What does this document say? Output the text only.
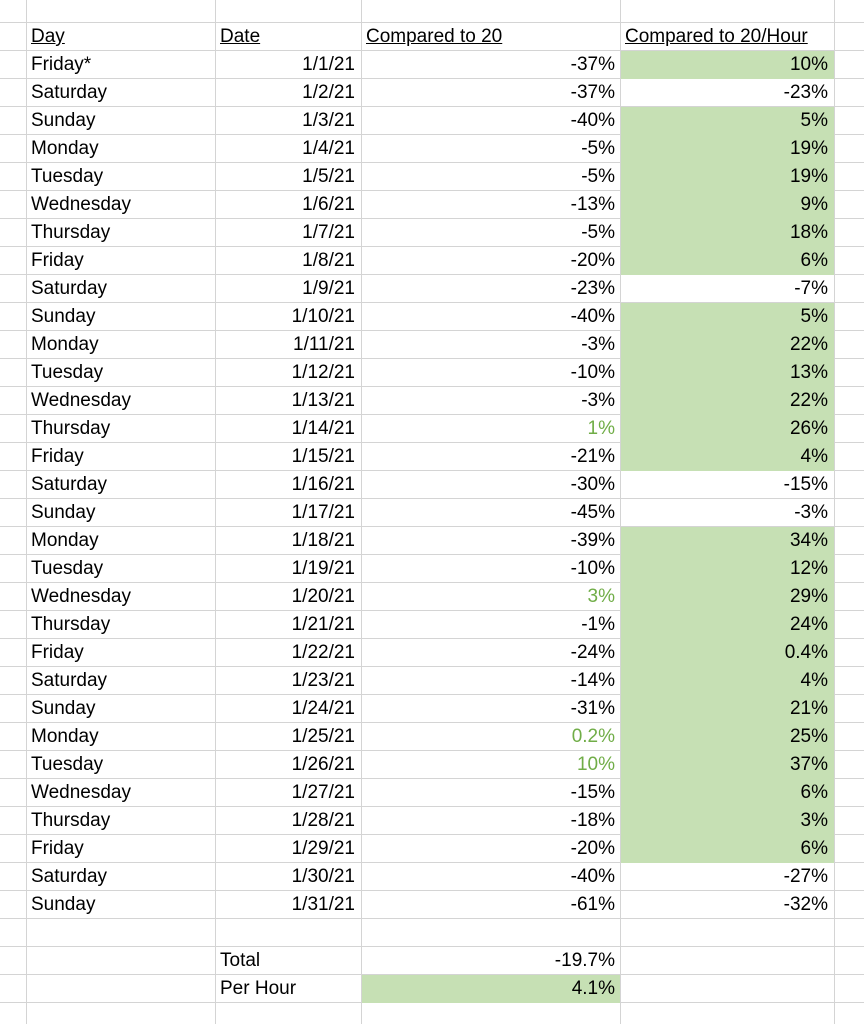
Day	Date	Compared to 20	Compared to 20/Hour
Friday*	1/1/21	-37%	10%
Saturday	1/2/21	-37%	-23%
Sunday	1/3/21	-40%	5%
Monday	1/4/21	-5%	19%
Tuesday	1/5/21	-5%	19%
Wednesday	1/6/21	-13%	9%
Thursday	1/7/21	-5%	18%
Friday	1/8/21	-20%	6%
Saturday	1/9/21	-23%	-7%
Sunday	1/10/21	-40%	5%
Monday	1/11/21	-3%	22%
Tuesday	1/12/21	-10%	13%
Wednesday	1/13/21	-3%	22%
Thursday	1/14/21	1%	26%
Friday	1/15/21	-21%	4%
Saturday	1/16/21	-30%	-15%
Sunday	1/17/21	-45%	-3%
Monday	1/18/21	-39%	34%
Tuesday	1/19/21	-10%	12%
Wednesday	1/20/21	3%	29%
Thursday	1/21/21	-1%	24%
Friday	1/22/21	-24%	0.4%
Saturday	1/23/21	-14%	4%
Sunday	1/24/21	-31%	21%
Monday	1/25/21	0.2%	25%
Tuesday	1/26/21	10%	37%
Wednesday	1/27/21	-15%	6%
Thursday	1/28/21	-18%	3%
Friday	1/29/21	-20%	6%
Saturday	1/30/21	-40%	-27%
Sunday	1/31/21	-61%	-32%
Total	-19.7%
Per Hour	4.1%
